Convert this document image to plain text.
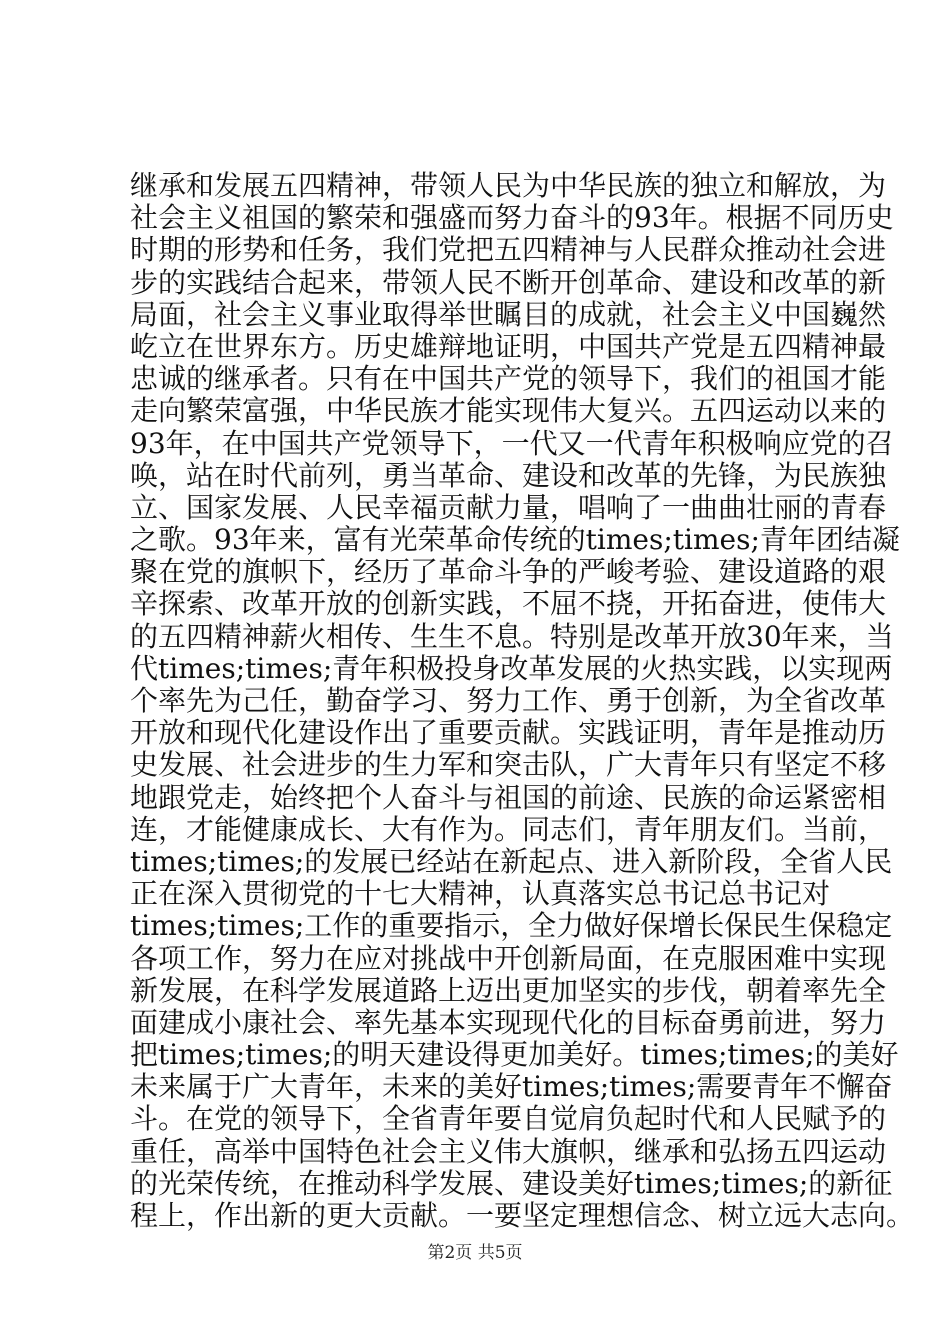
继承和发展五四精神，带领人民为中华民族的独立和解放，为
社会主义祖国的繁荣和强盛而努力奋斗的93年。根据不同历史
时期的形势和任务，我们党把五四精神与人民群众推动社会进
步的实践结合起来，带领人民不断开创革命、建设和改革的新
局面，社会主义事业取得举世瞩目的成就，社会主义中国巍然
屹立在世界东方。历史雄辩地证明，中国共产党是五四精神最
忠诚的继承者。只有在中国共产党的领导下，我们的祖国才能
走向繁荣富强，中华民族才能实现伟大复兴。五四运动以来的
93年，在中国共产党领导下，一代又一代青年积极响应党的召
唤，站在时代前列，勇当革命、建设和改革的先锋，为民族独
立、国家发展、人民幸福贡献力量，唱响了一曲曲壮丽的青春
之歌。93年来，富有光荣革命传统的times;times;青年团结凝
聚在党的旗帜下，经历了革命斗争的严峻考验、建设道路的艰
辛探索、改革开放的创新实践，不屈不挠，开拓奋进，使伟大
的五四精神薪火相传、生生不息。特别是改革开放30年来，当
代times;times;青年积极投身改革发展的火热实践，以实现两
个率先为己任，勤奋学习、努力工作、勇于创新，为全省改革
开放和现代化建设作出了重要贡献。实践证明，青年是推动历
史发展、社会进步的生力军和突击队，广大青年只有坚定不移
地跟党走，始终把个人奋斗与祖国的前途、民族的命运紧密相
连，才能健康成长、大有作为。同志们，青年朋友们。当前，
times;times;的发展已经站在新起点、进入新阶段，全省人民
正在深入贯彻党的十七大精神，认真落实总书记总书记对
times;times;工作的重要指示，全力做好保增长保民生保稳定
各项工作，努力在应对挑战中开创新局面，在克服困难中实现
新发展，在科学发展道路上迈出更加坚实的步伐，朝着率先全
面建成小康社会、率先基本实现现代化的目标奋勇前进，努力
把times;times;的明天建设得更加美好。times;times;的美好
未来属于广大青年，未来的美好times;times;需要青年不懈奋
斗。在党的领导下，全省青年要自觉肩负起时代和人民赋予的
重任，高举中国特色社会主义伟大旗帜，继承和弘扬五四运动
的光荣传统，在推动科学发展、建设美好times;times;的新征
程上，作出新的更大贡献。一要坚定理想信念、树立远大志向。
第2页 共5页
